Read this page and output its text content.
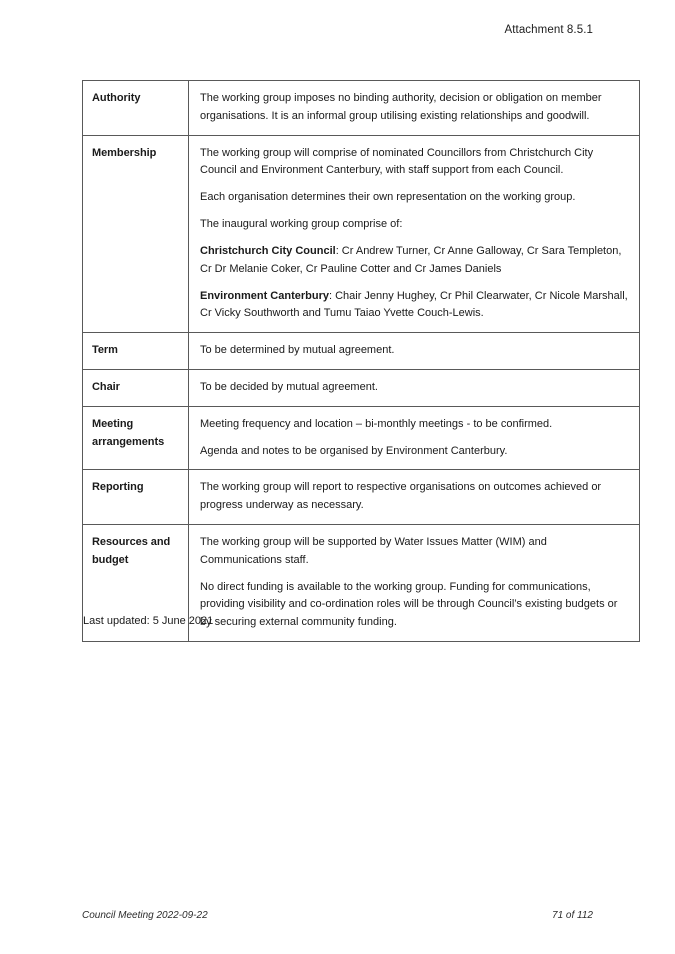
Attachment 8.5.1
Authority	The working group imposes no binding authority, decision or obligation on member organisations. It is an informal group utilising existing relationships and goodwill.

Membership	The working group will comprise of nominated Councillors from Christchurch City Council and Environment Canterbury, with staff support from each Council.

Each organisation determines their own representation on the working group.

The inaugural working group comprise of:

Christchurch City Council: Cr Andrew Turner, Cr Anne Galloway, Cr Sara Templeton, Cr Dr Melanie Coker, Cr Pauline Cotter and Cr James Daniels

Environment Canterbury: Chair Jenny Hughey, Cr Phil Clearwater, Cr Nicole Marshall, Cr Vicky Southworth and Tumu Taiao Yvette Couch-Lewis.

Term	To be determined by mutual agreement.

Chair	To be decided by mutual agreement.

Meeting arrangements	Meeting frequency and location – bi-monthly meetings - to be confirmed.

Agenda and notes to be organised by Environment Canterbury.

Reporting	The working group will report to respective organisations on outcomes achieved or progress underway as necessary.

Resources and budget	The working group will be supported by Water Issues Matter (WIM) and Communications staff.

No direct funding is available to the working group. Funding for communications, providing visibility and co-ordination roles will be through Council’s existing budgets or by securing external community funding.

Last updated: 5 June 2021
Council Meeting 2022-09-22	71 of 112
